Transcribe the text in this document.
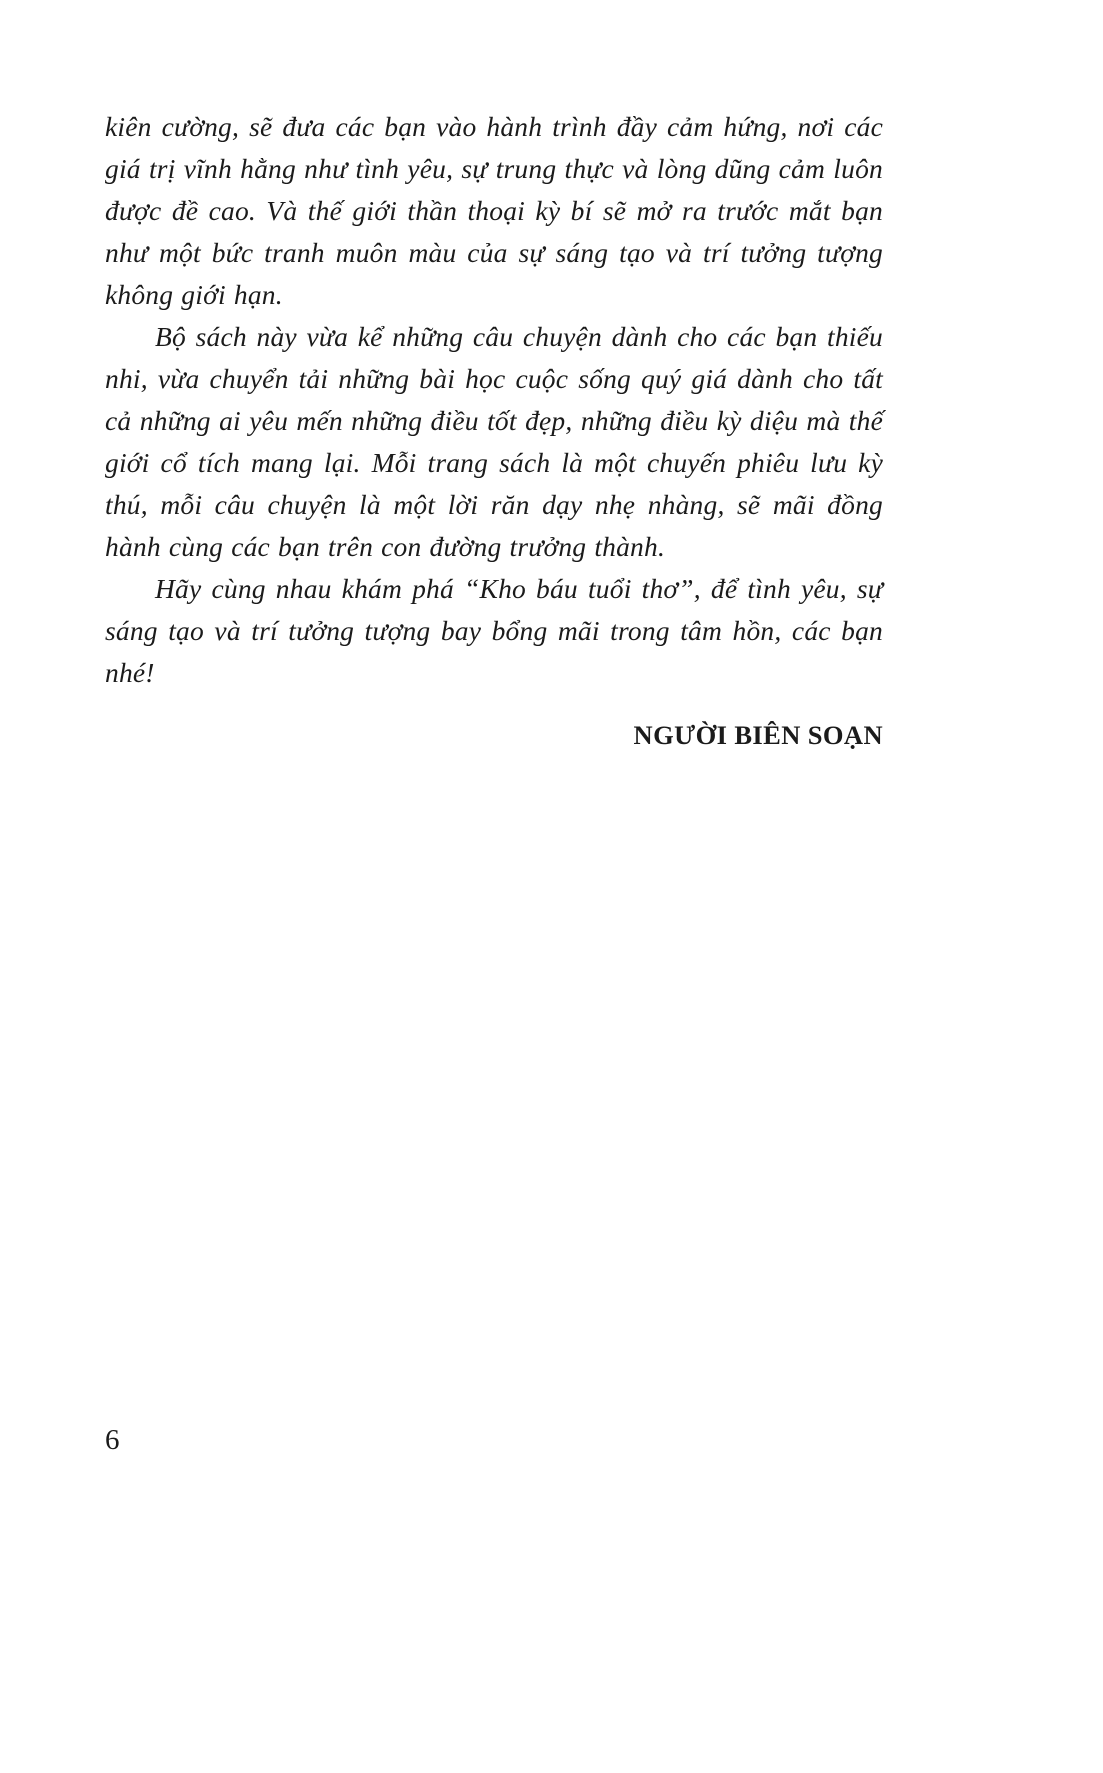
kiên cường, sẽ đưa các bạn vào hành trình đầy cảm hứng, nơi các giá trị vĩnh hằng như tình yêu, sự trung thực và lòng dũng cảm luôn được đề cao. Và thế giới thần thoại kỳ bí sẽ mở ra trước mắt bạn như một bức tranh muôn màu của sự sáng tạo và trí tưởng tượng không giới hạn.

Bộ sách này vừa kể những câu chuyện dành cho các bạn thiếu nhi, vừa chuyển tải những bài học cuộc sống quý giá dành cho tất cả những ai yêu mến những điều tốt đẹp, những điều kỳ diệu mà thế giới cổ tích mang lại. Mỗi trang sách là một chuyến phiêu lưu kỳ thú, mỗi câu chuyện là một lời răn dạy nhẹ nhàng, sẽ mãi đồng hành cùng các bạn trên con đường trưởng thành.

Hãy cùng nhau khám phá “Kho báu tuổi thơ”, để tình yêu, sự sáng tạo và trí tưởng tượng bay bổng mãi trong tâm hồn, các bạn nhé!

NGƯỜI BIÊN SOẠN
6
